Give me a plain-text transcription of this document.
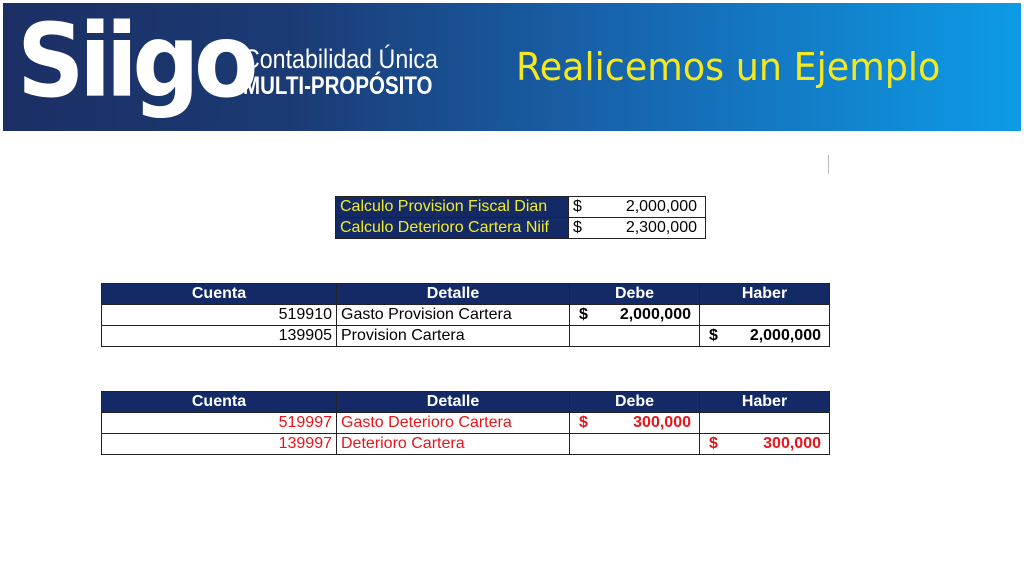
Siigo
Contabilidad Única
MULTI-PROPÓSITO Realicemos un Ejemplo
Calculo Provision Fiscal Dian	$	2,000,000
Calculo Deterioro Cartera Niif	$	2,300,000
Cuenta	Detalle	Debe	Haber
519910	Gasto Provision Cartera	$ 2,000,000	

139905	Provision Cartera		$ 2,000,000
Cuenta	Detalle	Debe	Haber
519997	Gasto Deterioro Cartera	$ 300,000	

139997	Deterioro Cartera		$ 300,000
